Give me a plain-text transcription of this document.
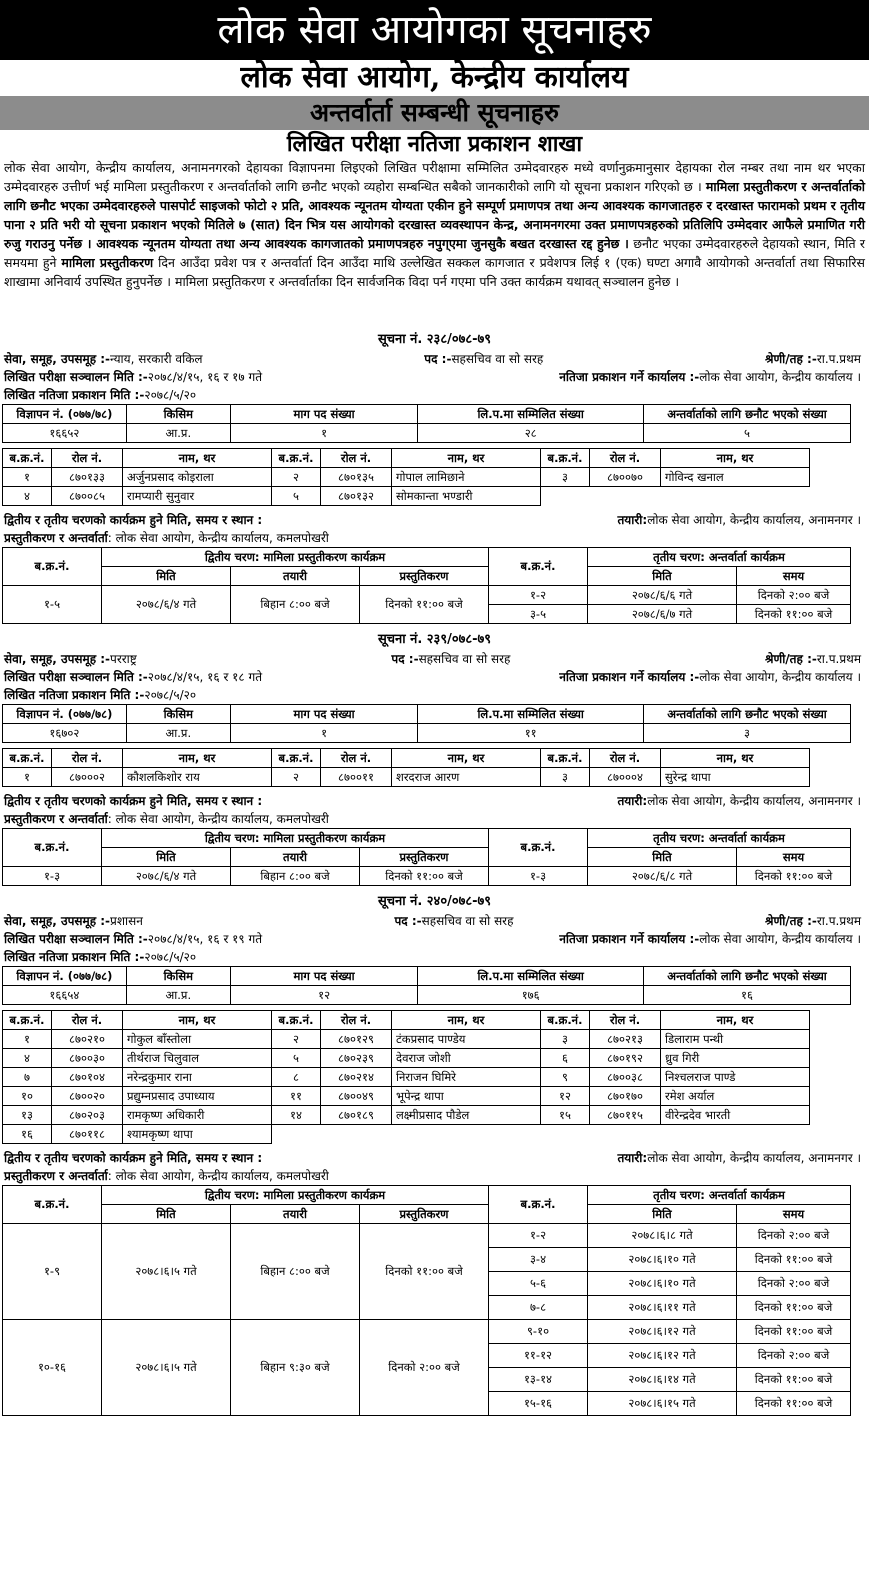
लोक सेवा आयोगका सूचनाहरु
लोक सेवा आयोग, केन्द्रीय कार्यालय
अन्तर्वार्ता सम्बन्धी सूचनाहरु
लिखित परीक्षा नतिजा प्रकाशन शाखा
लोक सेवा आयोग, केन्द्रीय कार्यालय, अनामनगरको देहायका विज्ञापनमा लिइएको लिखित परीक्षामा सम्मिलित उम्मेदवारहरु मध्ये वर्णानुक्रमानुसार देहायका रोल नम्बर तथा नाम थर भएका उम्मेदवारहरु उत्तीर्ण भई मामिला प्रस्तुतीकरण र अन्तर्वार्ताको लागि छनौट भएको व्यहोरा सम्बन्धित सबैको जानकारीको लागि यो सूचना प्रकाशन गरिएको छ । मामिला प्रस्तुतीकरण र अन्तर्वार्ताको लागि छनौट भएका उम्मेदवारहरुले पासपोर्ट साइजको फोटो २ प्रति, आवश्यक न्यूनतम योग्यता एकीन हुने सम्पूर्ण प्रमाणपत्र तथा अन्य आवश्यक कागजातहरु र दरखास्त फारामको प्रथम र तृतीय पाना २ प्रति भरी यो सूचना प्रकाशन भएको मितिले ७ (सात) दिन भित्र यस आयोगको दरखास्त व्यवस्थापन केन्द्र, अनामनगरमा उक्त प्रमाणपत्रहरुको प्रतिलिपि उम्मेदवार आफैले प्रमाणित गरी रुजु गराउनु पर्नेछ । आवश्यक न्यूनतम योग्यता तथा अन्य आवश्यक कागजातको प्रमाणपत्रहरु नपुग्एमा जुनसुकै बखत दरखास्त रद्द हुनेछ । छनौट भएका उम्मेदवारहरुले देहायको स्थान, मिति र समयमा हुने मामिला प्रस्तुतीकरण दिन आउँदा प्रवेश पत्र र अन्तर्वार्ता दिन आउँदा माथि उल्लेखित सक्कल कागजात र प्रवेशपत्र लिई १ (एक) घण्टा अगावै आयोगको अन्तर्वार्ता तथा सिफारिस शाखामा अनिवार्य उपस्थित हुनुपर्नेछ । मामिला प्रस्तुतिकरण र अन्तर्वार्ताका दिन सार्वजनिक विदा पर्न गएमा पनि उक्त कार्यक्रम यथावत् सञ्चालन हुनेछ ।
सूचना नं. २३८/०७८-७९
सेवा, समूह, उपसमूह :-न्याय, सरकारी वकिल	पद :-सहसचिव वा सो सरह	श्रेणी/तह :-रा.प.प्रथम
लिखित परीक्षा सञ्चालन मिति :-२०७८/४/१५, १६ र १७ गते	नतिजा प्रकाशन गर्ने कार्यालय :-लोक सेवा आयोग, केन्द्रीय कार्यालय ।
लिखित नतिजा प्रकाशन मिति :-२०७८/५/२०
विज्ञापन नं. (०७७/७८)	किसिम	माग पद संख्या	लि.प.मा सम्मिलित संख्या	अन्तर्वार्ताको लागि छनौट भएको संख्या
१६६५२	आ.प्र.	१	२८	५
ब.क्र.नं.	रोल नं.	नाम, थर	ब.क्र.नं.	रोल नं.	नाम, थर	ब.क्र.नं.	रोल नं.	नाम, थर
१	८७०१३३	अर्जुनप्रसाद कोइराला	२	८७०१३५	गोपाल लामिछाने	३	८७००७०	गोविन्द खनाल
४	८७००८५	रामप्यारी सुनुवार	५	८७०१३२	सोमकान्ता भण्डारी			
द्वितीय र तृतीय चरणको कार्यक्रम हुने मिति, समय र स्थान :	तयारी:लोक सेवा आयोग, केन्द्रीय कार्यालय, अनामनगर ।
प्रस्तुतीकरण र अन्तर्वार्ता: लोक सेवा आयोग, केन्द्रीय कार्यालय, कमलपोखरी
ब.क्र.नं.	द्वितीय चरण: मामिला प्रस्तुतीकरण कार्यक्रम			ब.क्र.नं.	तृतीय चरण: अन्तर्वार्ता कार्यक्रम	
	मिति	तयारी	प्रस्तुतिकरण		मिति	समय
१-५	२०७८/६/४ गते	बिहान ८:०० बजे	दिनको ११:०० बजे	१-२	२०७८/६/६ गते	दिनको २:०० बजे
				३-५	२०७८/६/७ गते	दिनको ११:०० बजे
सूचना नं. २३९/०७८-७९
सेवा, समूह, उपसमूह :-परराष्ट्र	पद :-सहसचिव वा सो सरह	श्रेणी/तह :-रा.प.प्रथम
लिखित परीक्षा सञ्चालन मिति :-२०७८/४/१५, १६ र १८ गते	नतिजा प्रकाशन गर्ने कार्यालय :-लोक सेवा आयोग, केन्द्रीय कार्यालय ।
लिखित नतिजा प्रकाशन मिति :-२०७८/५/२०
विज्ञापन नं. (०७७/७८)	किसिम	माग पद संख्या	लि.प.मा सम्मिलित संख्या	अन्तर्वार्ताको लागि छनौट भएको संख्या
१६७०२	आ.प्र.	१	११	३
ब.क्र.नं.	रोल नं.	नाम, थर	ब.क्र.नं.	रोल नं.	नाम, थर	ब.क्र.नं.	रोल नं.	नाम, थर
१	८७०००२	कौशलकिशोर राय	२	८७००११	शरदराज आरण	३	८७०००४	सुरेन्द्र थापा
द्वितीय र तृतीय चरणको कार्यक्रम हुने मिति, समय र स्थान :	तयारी:लोक सेवा आयोग, केन्द्रीय कार्यालय, अनामनगर ।
प्रस्तुतीकरण र अन्तर्वार्ता: लोक सेवा आयोग, केन्द्रीय कार्यालय, कमलपोखरी
ब.क्र.नं.	द्वितीय चरण: मामिला प्रस्तुतीकरण कार्यक्रम			ब.क्र.नं.	तृतीय चरण: अन्तर्वार्ता कार्यक्रम	
	मिति	तयारी	प्रस्तुतिकरण		मिति	समय
१-३	२०७८/६/४ गते	बिहान ८:०० बजे	दिनको ११:०० बजे	१-३	२०७८/६/८ गते	दिनको ११:०० बजे
सूचना नं. २४०/०७८-७९
सेवा, समूह, उपसमूह :-प्रशासन	पद :-सहसचिव वा सो सरह	श्रेणी/तह :-रा.प.प्रथम
लिखित परीक्षा सञ्चालन मिति :-२०७८/४/१५, १६ र १९ गते	नतिजा प्रकाशन गर्ने कार्यालय :-लोक सेवा आयोग, केन्द्रीय कार्यालय ।
लिखित नतिजा प्रकाशन मिति :-२०७८/५/२०
विज्ञापन नं. (०७७/७८)	किसिम	माग पद संख्या	लि.प.मा सम्मिलित संख्या	अन्तर्वार्ताको लागि छनौट भएको संख्या
१६६५४	आ.प्र.	१२	१७६	१६
ब.क्र.नं.	रोल नं.	नाम, थर	ब.क्र.नं.	रोल नं.	नाम, थर	ब.क्र.नं.	रोल नं.	नाम, थर
१	८७०२१०	गोकुल बाँस्तोला	२	८७०१२९	टंकप्रसाद पाण्डेय	३	८७०२१३	डिलाराम पन्थी
४	८७००३०	तीर्थराज चिलुवाल	५	८७०२३९	देवराज जोशी	६	८७०१९२	ध्रुव गिरी
७	८७०१०४	नरेन्द्रकुमार राना	८	८७०२१४	निराजन घिमिरे	९	८७००३८	निश्चलराज पाण्डे
१०	८७००२०	प्रद्युम्नप्रसाद उपाध्याय	११	८७००४९	भूपेन्द्र थापा	१२	८७०१७०	रमेश अर्याल
१३	८७०२०३	रामकृष्ण अधिकारी	१४	८७०१८९	लक्ष्मीप्रसाद पौडेल	१५	८७०११५	वीरेन्द्रदेव भारती
१६	८७०११८	श्यामकृष्ण थापा						
द्वितीय र तृतीय चरणको कार्यक्रम हुने मिति, समय र स्थान :	तयारी:लोक सेवा आयोग, केन्द्रीय कार्यालय, अनामनगर ।
प्रस्तुतीकरण र अन्तर्वार्ता: लोक सेवा आयोग, केन्द्रीय कार्यालय, कमलपोखरी
ब.क्र.नं.	द्वितीय चरण: मामिला प्रस्तुतीकरण कार्यक्रम			ब.क्र.नं.	तृतीय चरण: अन्तर्वार्ता कार्यक्रम	
	मिति	तयारी	प्रस्तुतिकरण		मिति	समय
१-९	२०७८।६।५ गते	बिहान ८:०० बजे	दिनको ११:०० बजे	१-२	२०७८।६।८ गते	दिनको २:०० बजे
				३-४	२०७८।६।१० गते	दिनको ११:०० बजे
				५-६	२०७८।६।१० गते	दिनको २:०० बजे
				७-८	२०७८।६।११ गते	दिनको ११:०० बजे
१०-१६	२०७८।६।५ गते	बिहान ९:३० बजे	दिनको २:०० बजे	९-१०	२०७८।६।१२ गते	दिनको ११:०० बजे
				११-१२	२०७८।६।१२ गते	दिनको २:०० बजे
				१३-१४	२०७८।६।१४ गते	दिनको ११:०० बजे
				१५-१६	२०७८।६।१५ गते	दिनको ११:०० बजे
